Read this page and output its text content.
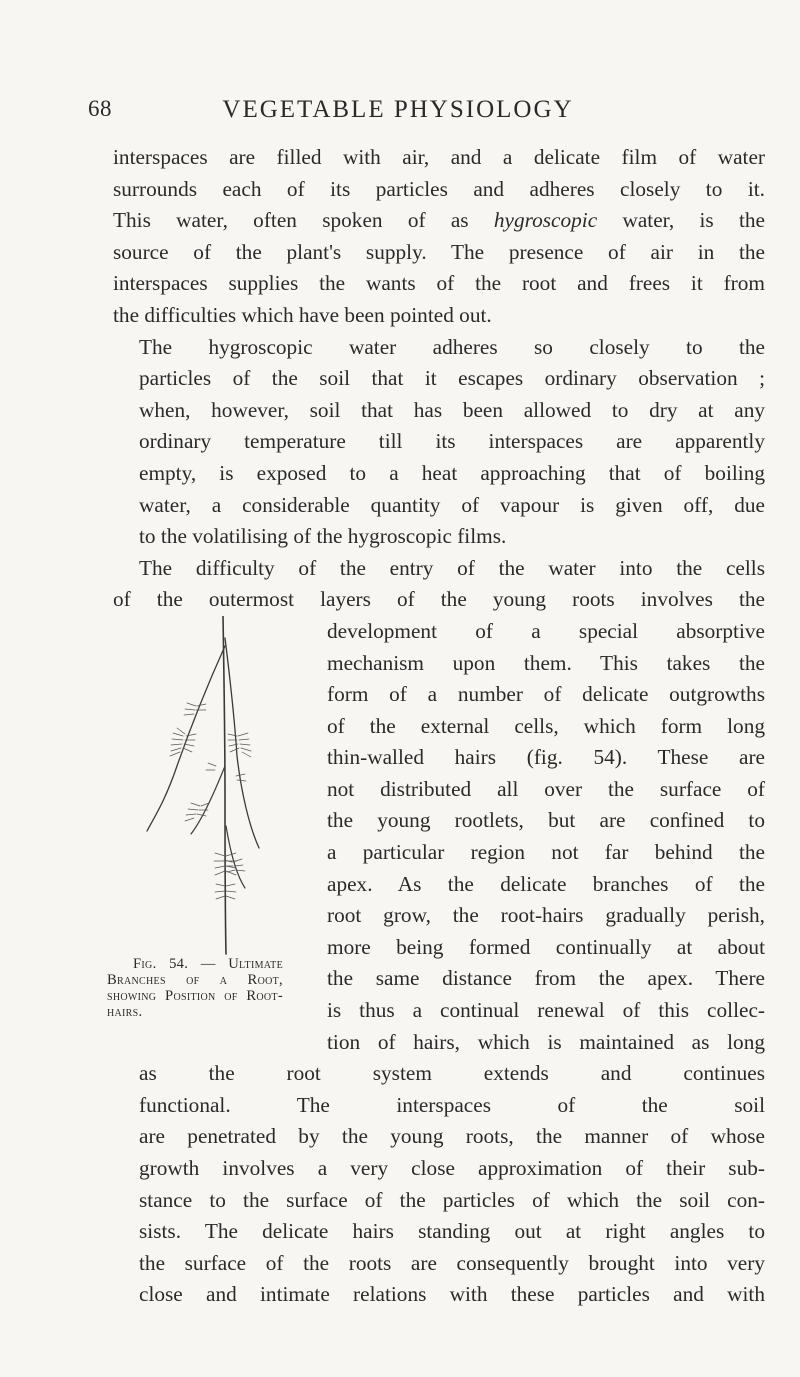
68	VEGETABLE PHYSIOLOGY

interspaces are filled with air, and a delicate film of water
surrounds each of its particles and adheres closely to it.
This water, often spoken of as hygroscopic water, is the
source of the plant's supply. The presence of air in the
interspaces supplies the wants of the root and frees it from
the difficulties which have been pointed out.

The hygroscopic water adheres so closely to the
particles of the soil that it escapes ordinary observation ;
when, however, soil that has been allowed to dry at any
ordinary temperature till its interspaces are apparently
empty, is exposed to a heat approaching that of boiling
water, a considerable quantity of vapour is given off, due
to the volatilising of the hygroscopic films.

The difficulty of the entry of the water into the cells
of the outermost layers of the young roots involves the
Fig. 54. — Ultimate Branches of a Root, showing Position of Root-hairs.
development of a special absorptive
mechanism upon them. This takes the
form of a number of delicate outgrowths
of the external cells, which form long
thin-walled hairs (fig. 54). These are
not distributed all over the surface of
the young rootlets, but are confined to
a particular region not far behind the
apex. As the delicate branches of the
root grow, the root-hairs gradually perish,
more being formed continually at about
the same distance from the apex. There
is thus a continual renewal of this collec-
tion of hairs, which is maintained as long
as the root system extends and continues
functional. The interspaces of the soil
are penetrated by the young roots, the manner of whose
growth involves a very close approximation of their sub-
stance to the surface of the particles of which the soil con-
sists. The delicate hairs standing out at right angles to
the surface of the roots are consequently brought into very
close and intimate relations with these particles and with
